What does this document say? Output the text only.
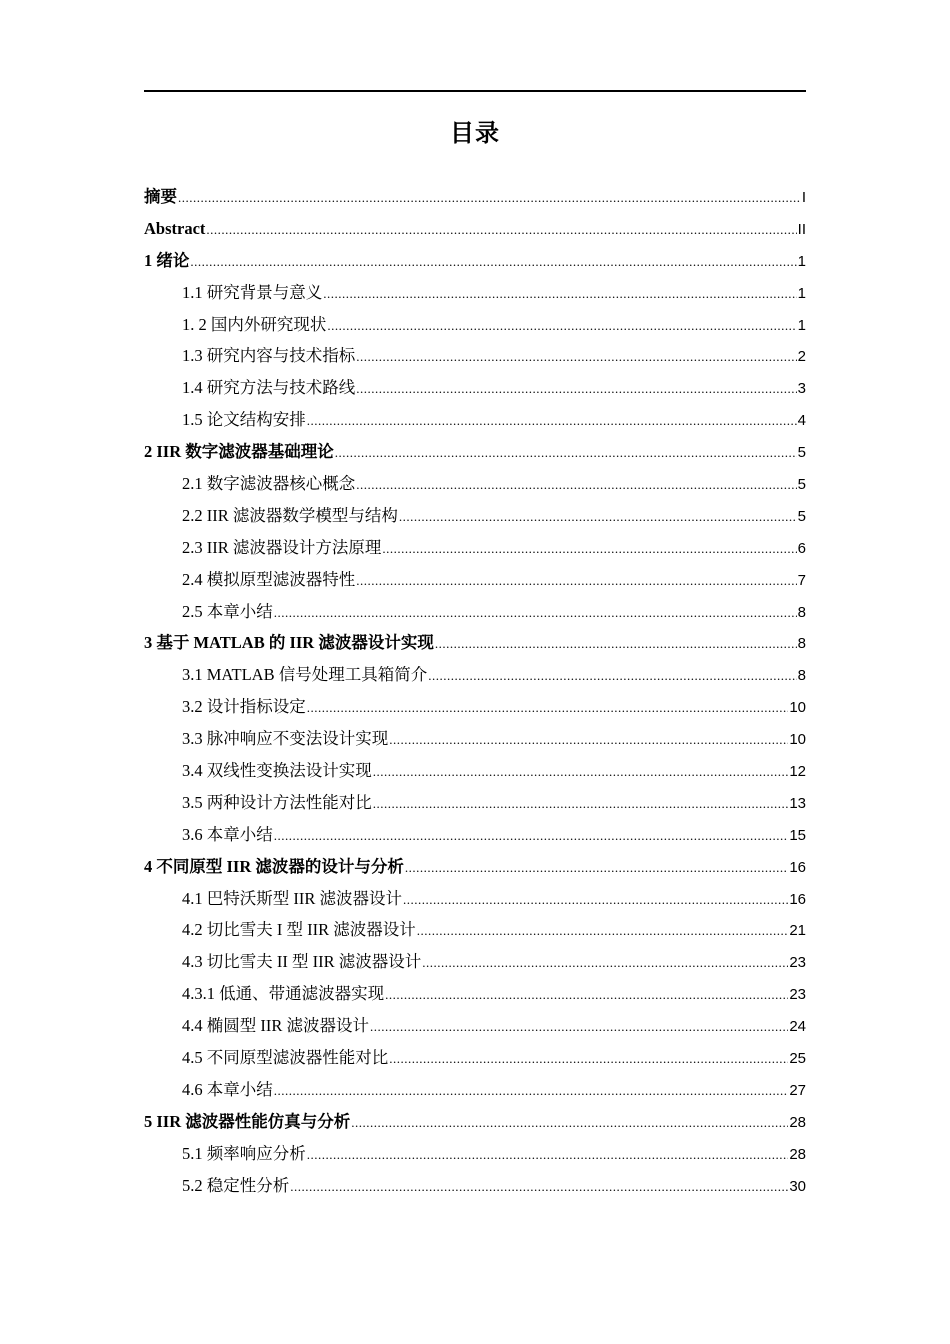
目录
摘要 .....	I
Abstract .....	II
1 绪论 .....	1
1.1 研究背景与意义 .....	1
1. 2 国内外研究现状 .....	1
1.3 研究内容与技术指标 .....	2
1.4 研究方法与技术路线 .....	3
1.5 论文结构安排 .....	4
2 IIR 数字滤波器基础理论 .....	5
2.1 数字滤波器核心概念 .....	5
2.2 IIR 滤波器数学模型与结构 .....	5
2.3 IIR 滤波器设计方法原理 .....	6
2.4 模拟原型滤波器特性 .....	7
2.5 本章小结 .....	8
3 基于 MATLAB 的 IIR 滤波器设计实现 .....	8
3.1 MATLAB 信号处理工具箱简介 .....	8
3.2 设计指标设定 .....	10
3.3 脉冲响应不变法设计实现 .....	10
3.4 双线性变换法设计实现 .....	12
3.5 两种设计方法性能对比 .....	13
3.6 本章小结 .....	15
4 不同原型 IIR 滤波器的设计与分析 .....	16
4.1 巴特沃斯型 IIR 滤波器设计 .....	16
4.2 切比雪夫 I 型 IIR 滤波器设计 .....	21
4.3 切比雪夫 II 型 IIR 滤波器设计 .....	23
4.3.1 低通、带通滤波器实现 .....	23
4.4 椭圆型 IIR 滤波器设计 .....	24
4.5 不同原型滤波器性能对比 .....	25
4.6 本章小结 .....	27
5 IIR 滤波器性能仿真与分析 .....	28
5.1 频率响应分析 .....	28
5.2 稳定性分析 .....	30
